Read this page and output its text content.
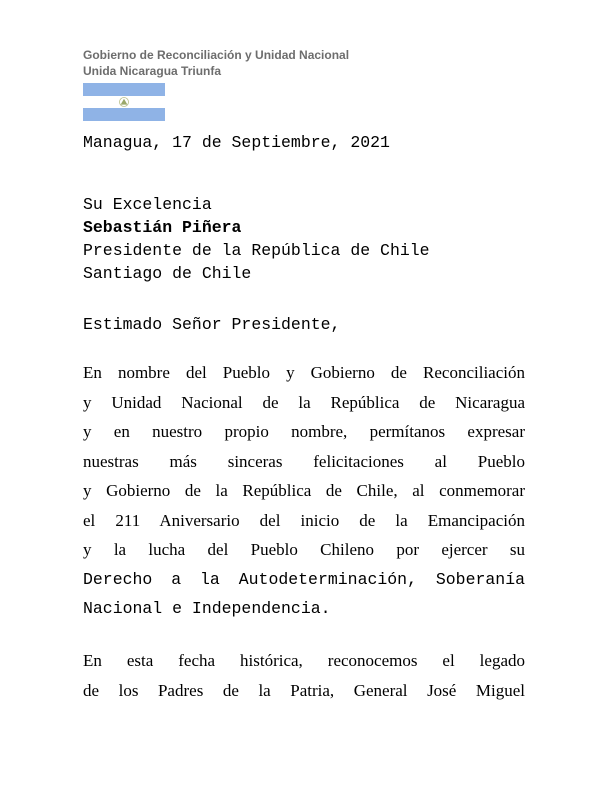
Gobierno de Reconciliación y Unidad Nacional
Unida Nicaragua Triunfa
Managua, 17 de Septiembre, 2021
Su Excelencia
Sebastián Piñera
Presidente de la República de Chile
Santiago de Chile
Estimado Señor Presidente,
En nombre del Pueblo y Gobierno de Reconciliación
y Unidad Nacional de la República de Nicaragua
y en nuestro propio nombre, permítanos expresar
nuestras más sinceras felicitaciones al Pueblo
y Gobierno de la República de Chile, al conmemorar
el 211 Aniversario del inicio de la Emancipación
y la lucha del Pueblo Chileno por ejercer su
Derecho a la Autodeterminación, Soberanía
Nacional e Independencia.
En esta fecha histórica, reconocemos el legado
de los Padres de la Patria, General José Miguel
